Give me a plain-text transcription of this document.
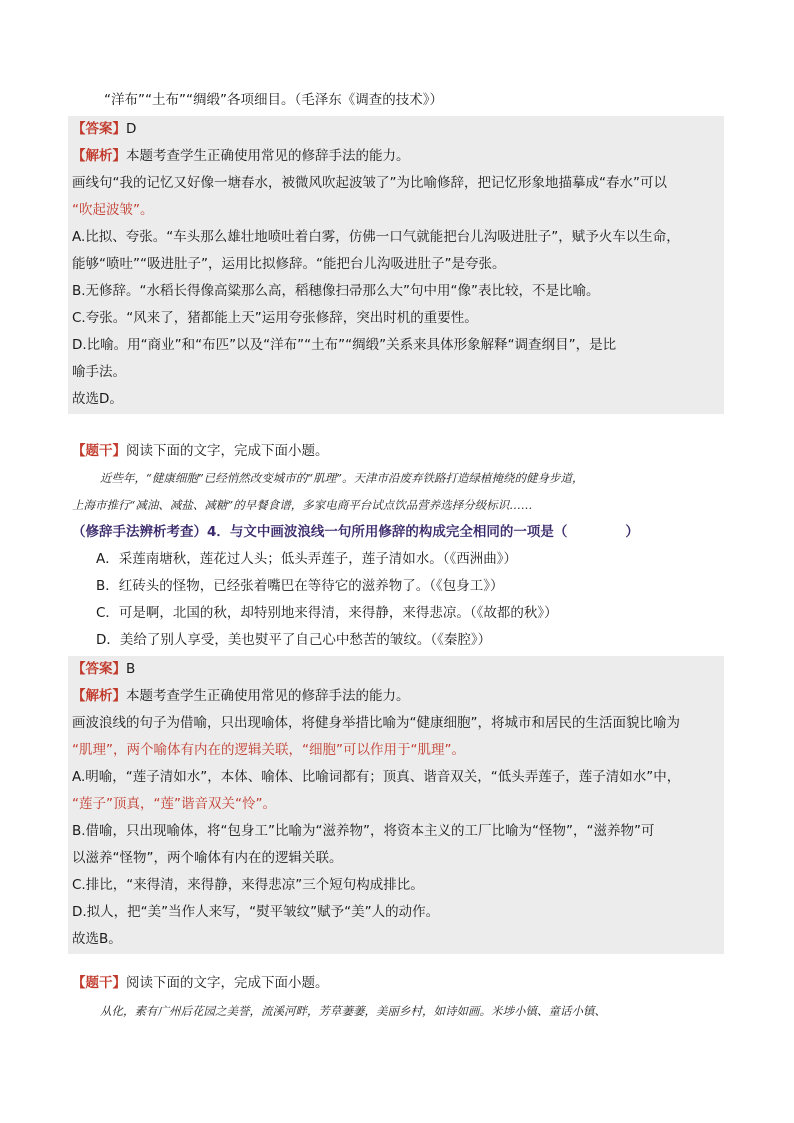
“洋布”“土布”“绸缎”各项细目。（毛泽东《调查的技术》）
【答案】D
【解析】本题考查学生正确使用常见的修辞手法的能力。
画线句“我的记忆又好像一塘春水，被微风吹起波皱了”为比喻修辞，把记忆形象地描摹成“春水”可以
“吹起波皱”。
A.比拟、夸张。“车头那么雄壮地喷吐着白雾，仿佛一口气就能把台儿沟吸进肚子”，赋予火车以生命，
能够“喷吐”“吸进肚子”，运用比拟修辞。“能把台儿沟吸进肚子”是夸张。
B.无修辞。“水稻长得像高粱那么高，稻穗像扫帚那么大”句中用“像”表比较，不是比喻。
C.夸张。“风来了，猪都能上天”运用夸张修辞，突出时机的重要性。
D.比喻。用“商业”和“布匹”以及“洋布”“土布”“绸缎”关系来具体形象解释“调查纲目”，是比
喻手法。
故选D。
【题干】阅读下面的文字，完成下面小题。
近些年，“健康细胞”已经悄然改变城市的“肌理”。天津市沿废弃铁路打造绿植掩绕的健身步道，
上海市推行“减油、减盐、减糖”的早餐食谱，多家电商平台试点饮品营养选择分级标识……
（修辞手法辨析考查）4．与文中画波浪线一句所用修辞的构成完全相同的一项是（	）
A．采莲南塘秋，莲花过人头；低头弄莲子，莲子清如水。（《西洲曲》）
B．红砖头的怪物，已经张着嘴巴在等待它的滋养物了。（《包身工》）
C．可是啊，北国的秋，却特别地来得清，来得静，来得悲凉。（《故都的秋》）
D．美给了别人享受，美也熨平了自己心中愁苦的皱纹。（《秦腔》）
【答案】B
【解析】本题考查学生正确使用常见的修辞手法的能力。
画波浪线的句子为借喻，只出现喻体，将健身举措比喻为“健康细胞”，将城市和居民的生活面貌比喻为
“肌理”，两个喻体有内在的逻辑关联，“细胞”可以作用于“肌理”。
A.明喻，“莲子清如水”，本体、喻体、比喻词都有；顶真、谐音双关，“低头弄莲子，莲子清如水”中，
“莲子”顶真，“莲”谐音双关“怜”。
B.借喻，只出现喻体，将“包身工”比喻为“滋养物”，将资本主义的工厂比喻为“怪物”，“滋养物”可
以滋养“怪物”，两个喻体有内在的逻辑关联。
C.排比，“来得清，来得静，来得悲凉”三个短句构成排比。
D.拟人，把“美”当作人来写，“熨平皱纹”赋予“美”人的动作。
故选B。
【题干】阅读下面的文字，完成下面小题。
从化，素有广州后花园之美誉，流溪河畔，芳草萋萋，美丽乡村，如诗如画。米埗小镇、童话小镇、
